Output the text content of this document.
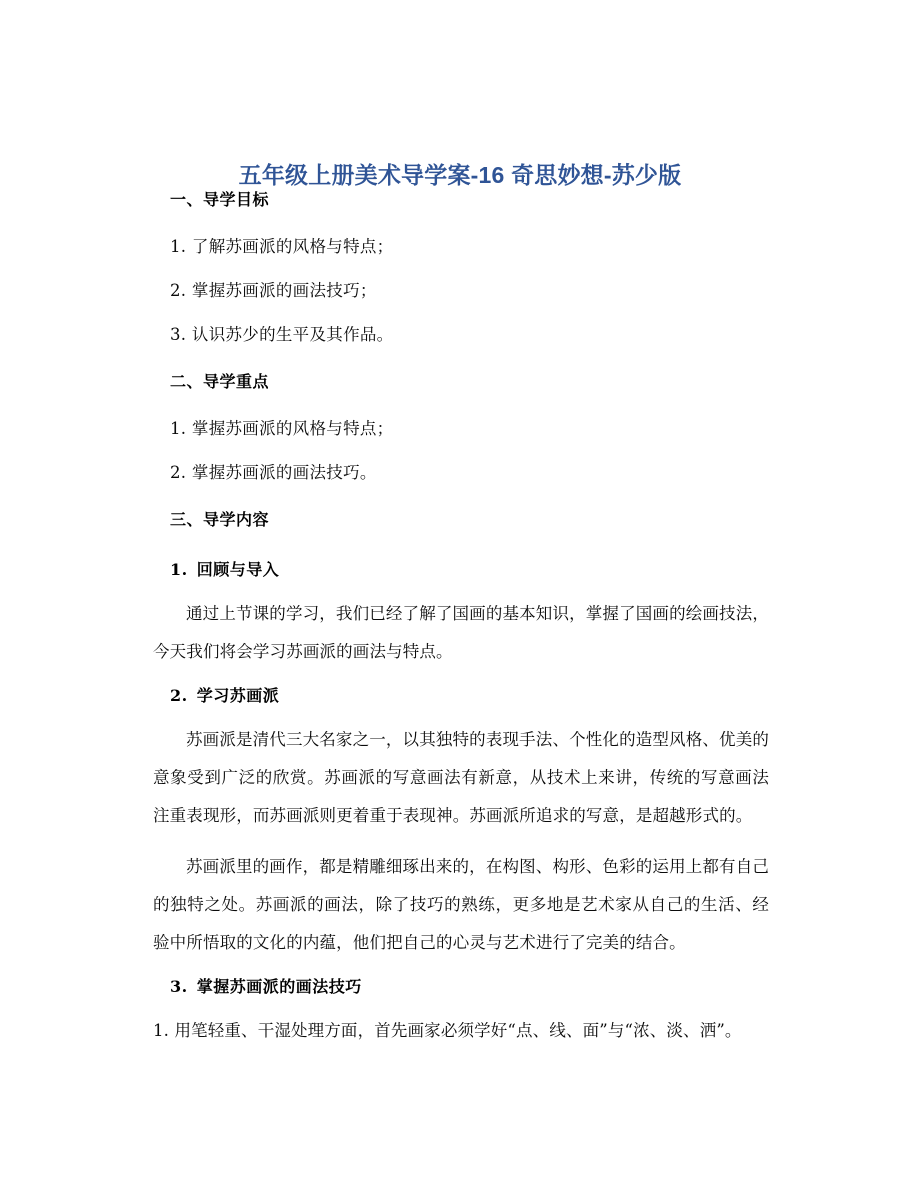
五年级上册美术导学案-16 奇思妙想-苏少版
一、导学目标
1. 了解苏画派的风格与特点；
2. 掌握苏画派的画法技巧；
3. 认识苏少的生平及其作品。
二、导学重点
1. 掌握苏画派的风格与特点；
2. 掌握苏画派的画法技巧。
三、导学内容
1. 回顾与导入
通过上节课的学习，我们已经了解了国画的基本知识，掌握了国画的绘画技法，今天我们将会学习苏画派的画法与特点。
2. 学习苏画派
苏画派是清代三大名家之一，以其独特的表现手法、个性化的造型风格、优美的意象受到广泛的欣赏。苏画派的写意画法有新意，从技术上来讲，传统的写意画法注重表现形，而苏画派则更着重于表现神。苏画派所追求的写意，是超越形式的。
苏画派里的画作，都是精雕细琢出来的，在构图、构形、色彩的运用上都有自己的独特之处。苏画派的画法，除了技巧的熟练，更多地是艺术家从自己的生活、经验中所悟取的文化的内蕴，他们把自己的心灵与艺术进行了完美的结合。
3. 掌握苏画派的画法技巧
1. 用笔轻重、干湿处理方面，首先画家必须学好“点、线、面”与“浓、淡、洒”。
